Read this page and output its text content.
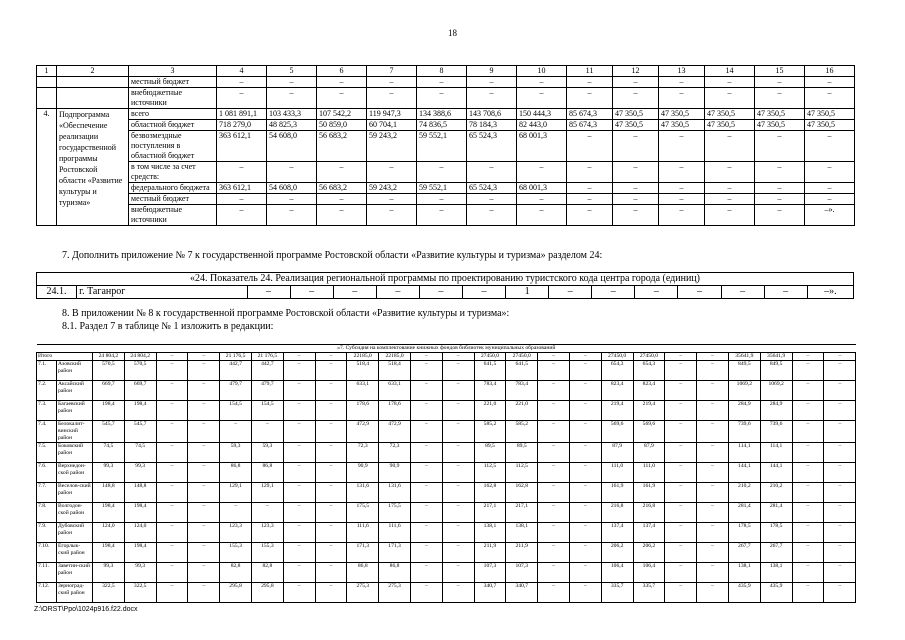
18
1	2	3	4	5	6	7	8	9	10	11	12	13	14	15	16
		местный бюджет	–	–	–	–	–	–	–	–	–	–	–	–	–
		внебюджетные источники	–	–	–	–	–	–	–	–	–	–	–	–	–
4.	Подпрограмма «Обеспечение реализации государственной программы Ростовской области «Развитие культуры и туризма»	всего	1 081 891,1	103 433,3	107 542,2	119 947,3	134 388,6	143 708,6	150 444,3	85 674,3	47 350,5	47 350,5	47 350,5	47 350,5	47 350,5
		областной бюджет	718 279,0	48 825,3	50 859,0	60 704,1	74 836,5	78 184,3	82 443,0	85 674,3	47 350,5	47 350,5	47 350,5	47 350,5	47 350,5
		безвозмездные поступления в областной бюджет	363 612,1	54 608,0	56 683,2	59 243,2	59 552,1	65 524,3	68 001,3	–	–	–	–	–	–
		в том числе за счет средств:	–	–	–	–	–	–	–	–	–	–	–	–	–
		федерального бюджета	363 612,1	54 608,0	56 683,2	59 243,2	59 552,1	65 524,3	68 001,3	–	–	–	–	–	–
		местный бюджет	–	–	–	–	–	–	–	–	–	–	–	–	–
		внебюджетные источники	–	–	–	–	–	–	–	–	–	–	–	–	–».
7. Дополнить приложение № 7 к государственной программе Ростовской области «Развитие культуры и туризма» разделом 24:
«24. Показатель 24. Реализация региональной программы по проектированию туристского кода центра города (единиц)
24.1.	г. Таганрог	–	–	–	–	–	–	1	–	–	–	–	–	–	–».
8. В приложении № 8 к государственной программе Ростовской области «Развитие культуры и туризма»:
8.1. Раздел 7 в таблице № 1 изложить в редакции:
«7. Субсидия на комплектование книжных фондов библиотек муниципальных образований																									
Итого		24 804,2	24 804,2	–	–	21 176,5	21 176,5	–	–	22185,0	22185,0	–	–	27450,0	27450,0	–	–	27450,0	27450,0	–	–	35641,9	35641,9	–	–
7.1.	Азовский район	570,5	570,5	–	–	442,7	442,7	–	–	518,4	518,4	–	–	641,5	641,5	–	–	654,3	654,3	–	–	849,5	849,5	–	–
7.2.	Аксайский район	669,7	669,7	–	–	479,7	479,7	–	–	633,1	633,1	–	–	783,4	783,4	–	–	823,4	823,4	–	–	1069,2	1069,2	–	–
7.3.	Багаевский район	198,4	198,4	–	–	154,5	154,5	–	–	178,6	178,6	–	–	221,0	221,0	–	–	219,4	219,4	–	–	284,9	284,9	–	–
7.4.	Белокалит-винский район	545,7	545,7	–	–	–	–	–	–	472,9	472,9	–	–	585,2	585,2	–	–	569,6	569,6	–	–	739,6	739,6	–	–
7.5.	Боковский район	74,5	74,5	–	–	59,3	59,3	–	–	72,3	72,3	–	–	89,5	89,5	–	–	87,9	87,9	–	–	114,1	114,1	–	–
7.6.	Верхнедон-ской район	99,3	99,3	–	–	86,8	86,8	–	–	90,9	90,9	–	–	112,5	112,5	–	–	111,0	111,0	–	–	144,1	144,1	–	–
7.7.	Веселов-ский район	148,8	148,8	–	–	129,1	129,1	–	–	131,6	131,6	–	–	162,8	162,8	–	–	161,9	161,9	–	–	210,2	210,2	–	–
7.8.	Волгодон-ской район	198,4	198,4	–	–	–	–	–	–	175,5	175,5	–	–	217,1	217,1	–	–	216,8	216,8	–	–	281,4	281,4	–	–
7.9.	Дубовский район	124,0	124,0	–	–	123,3	123,3	–	–	111,6	111,6	–	–	138,1	138,1	–	–	137,4	137,4	–	–	178,5	178,5	–	–
7.10.	Егорлык-ский район	198,4	198,4	–	–	155,3	155,3	–	–	171,3	171,3	–	–	211,9	211,9	–	–	206,2	206,2	–	–	267,7	267,7	–	–
7.11.	Заветин-ский район	99,3	99,3	–	–	82,8	82,8	–	–	86,8	86,8	–	–	107,3	107,3	–	–	106,4	106,4	–	–	138,1	138,1	–	–
7.12.	Зерноград-ский район	322,5	322,5	–	–	295,8	295,8	–	–	275,3	275,3	–	–	340,7	340,7	–	–	335,7	335,7	–	–	435,9	435,9	–	–
Z:\ORST\Ppo\1024p916.f22.docx
